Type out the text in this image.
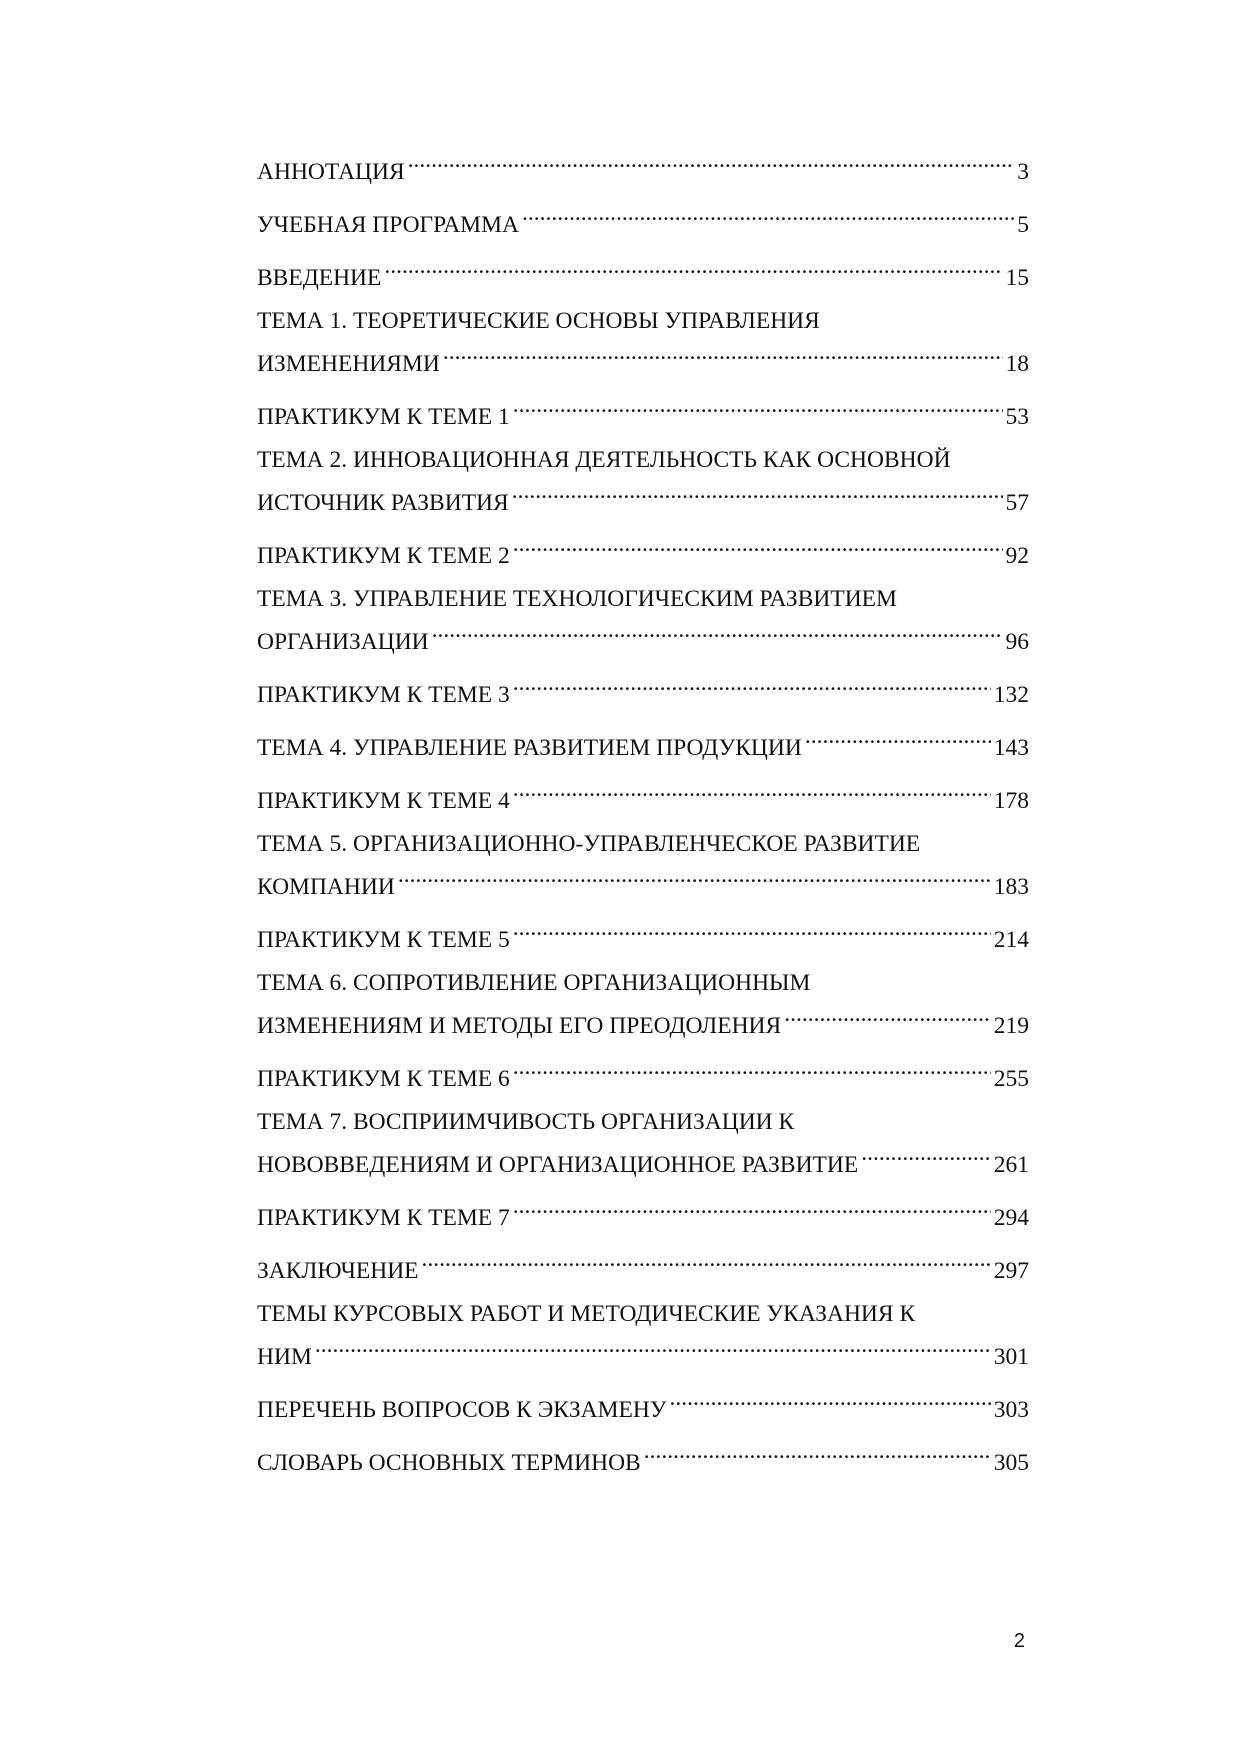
АННОТАЦИЯ .....	3
УЧЕБНАЯ ПРОГРАММА .....	5
ВВЕДЕНИЕ .....	15
ТЕМА 1. ТЕОРЕТИЧЕСКИЕ ОСНОВЫ УПРАВЛЕНИЯ
ИЗМЕНЕНИЯМИ .....	18
ПРАКТИКУМ К ТЕМЕ 1 .....	53
ТЕМА 2. ИННОВАЦИОННАЯ ДЕЯТЕЛЬНОСТЬ КАК ОСНОВНОЙ
ИСТОЧНИК РАЗВИТИЯ .....	57
ПРАКТИКУМ К ТЕМЕ 2 .....	92
ТЕМА 3. УПРАВЛЕНИЕ ТЕХНОЛОГИЧЕСКИМ РАЗВИТИЕМ
ОРГАНИЗАЦИИ .....	96
ПРАКТИКУМ К ТЕМЕ 3 .....	132
ТЕМА 4. УПРАВЛЕНИЕ РАЗВИТИЕМ ПРОДУКЦИИ .....	143
ПРАКТИКУМ К ТЕМЕ 4 .....	178
ТЕМА 5. ОРГАНИЗАЦИОННО-УПРАВЛЕНЧЕСКОЕ РАЗВИТИЕ
КОМПАНИИ .....	183
ПРАКТИКУМ К ТЕМЕ 5 .....	214
ТЕМА 6. СОПРОТИВЛЕНИЕ ОРГАНИЗАЦИОННЫМ
ИЗМЕНЕНИЯМ И МЕТОДЫ ЕГО ПРЕОДОЛЕНИЯ .....	219
ПРАКТИКУМ К ТЕМЕ 6 .....	255
ТЕМА 7. ВОСПРИИМЧИВОСТЬ ОРГАНИЗАЦИИ К
НОВОВВЕДЕНИЯМ И ОРГАНИЗАЦИОННОЕ РАЗВИТИЕ .....	261
ПРАКТИКУМ К ТЕМЕ 7 .....	294
ЗАКЛЮЧЕНИЕ .....	297
ТЕМЫ КУРСОВЫХ РАБОТ И МЕТОДИЧЕСКИЕ УКАЗАНИЯ К
НИМ .....	301
ПЕРЕЧЕНЬ ВОПРОСОВ К ЭКЗАМЕНУ .....	303
СЛОВАРЬ ОСНОВНЫХ ТЕРМИНОВ .....	305
2
